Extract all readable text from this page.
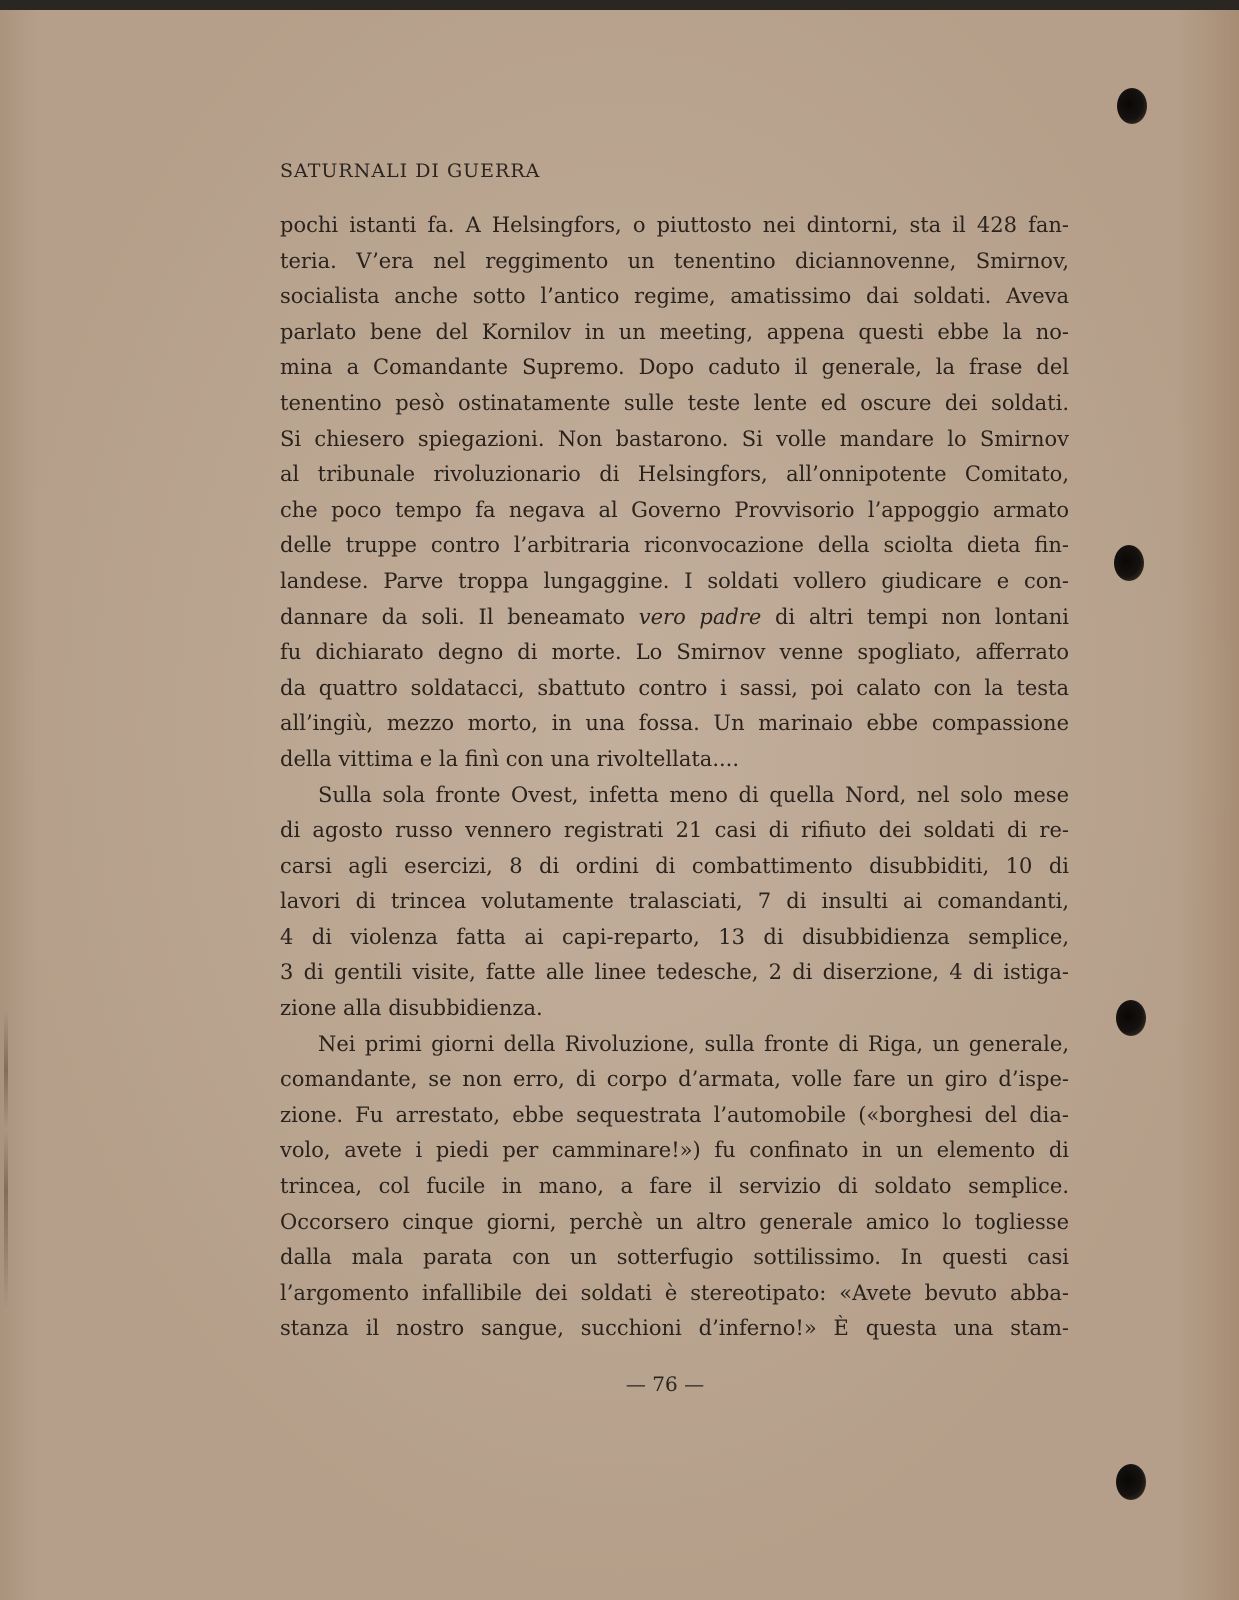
SATURNALI DI GUERRA

pochi istanti fa. A Helsingfors, o piuttosto nei dintorni, sta il 428 fan-

teria. V’era nel reggimento un tenentino diciannovenne, Smirnov,

socialista anche sotto l’antico regime, amatissimo dai soldati. Aveva

parlato bene del Kornilov in un meeting, appena questi ebbe la no-

mina a Comandante Supremo. Dopo caduto il generale, la frase del

tenentino pesò ostinatamente sulle teste lente ed oscure dei soldati.

Si chiesero spiegazioni. Non bastarono. Si volle mandare lo Smirnov

al tribunale rivoluzionario di Helsingfors, all’onnipotente Comitato,

che poco tempo fa negava al Governo Provvisorio l’appoggio armato

delle truppe contro l’arbitraria riconvocazione della sciolta dieta fin-

landese. Parve troppa lungaggine. I soldati vollero giudicare e con-

dannare da soli. Il beneamato vero padre di altri tempi non lontani

fu dichiarato degno di morte. Lo Smirnov venne spogliato, afferrato

da quattro soldatacci, sbattuto contro i sassi, poi calato con la testa

all’ingiù, mezzo morto, in una fossa. Un marinaio ebbe compassione

della vittima e la finì con una rivoltellata....

Sulla sola fronte Ovest, infetta meno di quella Nord, nel solo mese

di agosto russo vennero registrati 21 casi di rifiuto dei soldati di re-

carsi agli esercizi, 8 di ordini di combattimento disubbiditi, 10 di

lavori di trincea volutamente tralasciati, 7 di insulti ai comandanti,

4 di violenza fatta ai capi-reparto, 13 di disubbidienza semplice,

3 di gentili visite, fatte alle linee tedesche, 2 di diserzione, 4 di istiga-

zione alla disubbidienza.

Nei primi giorni della Rivoluzione, sulla fronte di Riga, un generale,

comandante, se non erro, di corpo d’armata, volle fare un giro d’ispe-

zione. Fu arrestato, ebbe sequestrata l’automobile («borghesi del dia-

volo, avete i piedi per camminare!») fu confinato in un elemento di

trincea, col fucile in mano, a fare il servizio di soldato semplice.

Occorsero cinque giorni, perchè un altro generale amico lo togliesse

dalla mala parata con un sotterfugio sottilissimo. In questi casi

l’argomento infallibile dei soldati è stereotipato: «Avete bevuto abba-

stanza il nostro sangue, succhioni d’inferno!» È questa una stam-

— 76 —
